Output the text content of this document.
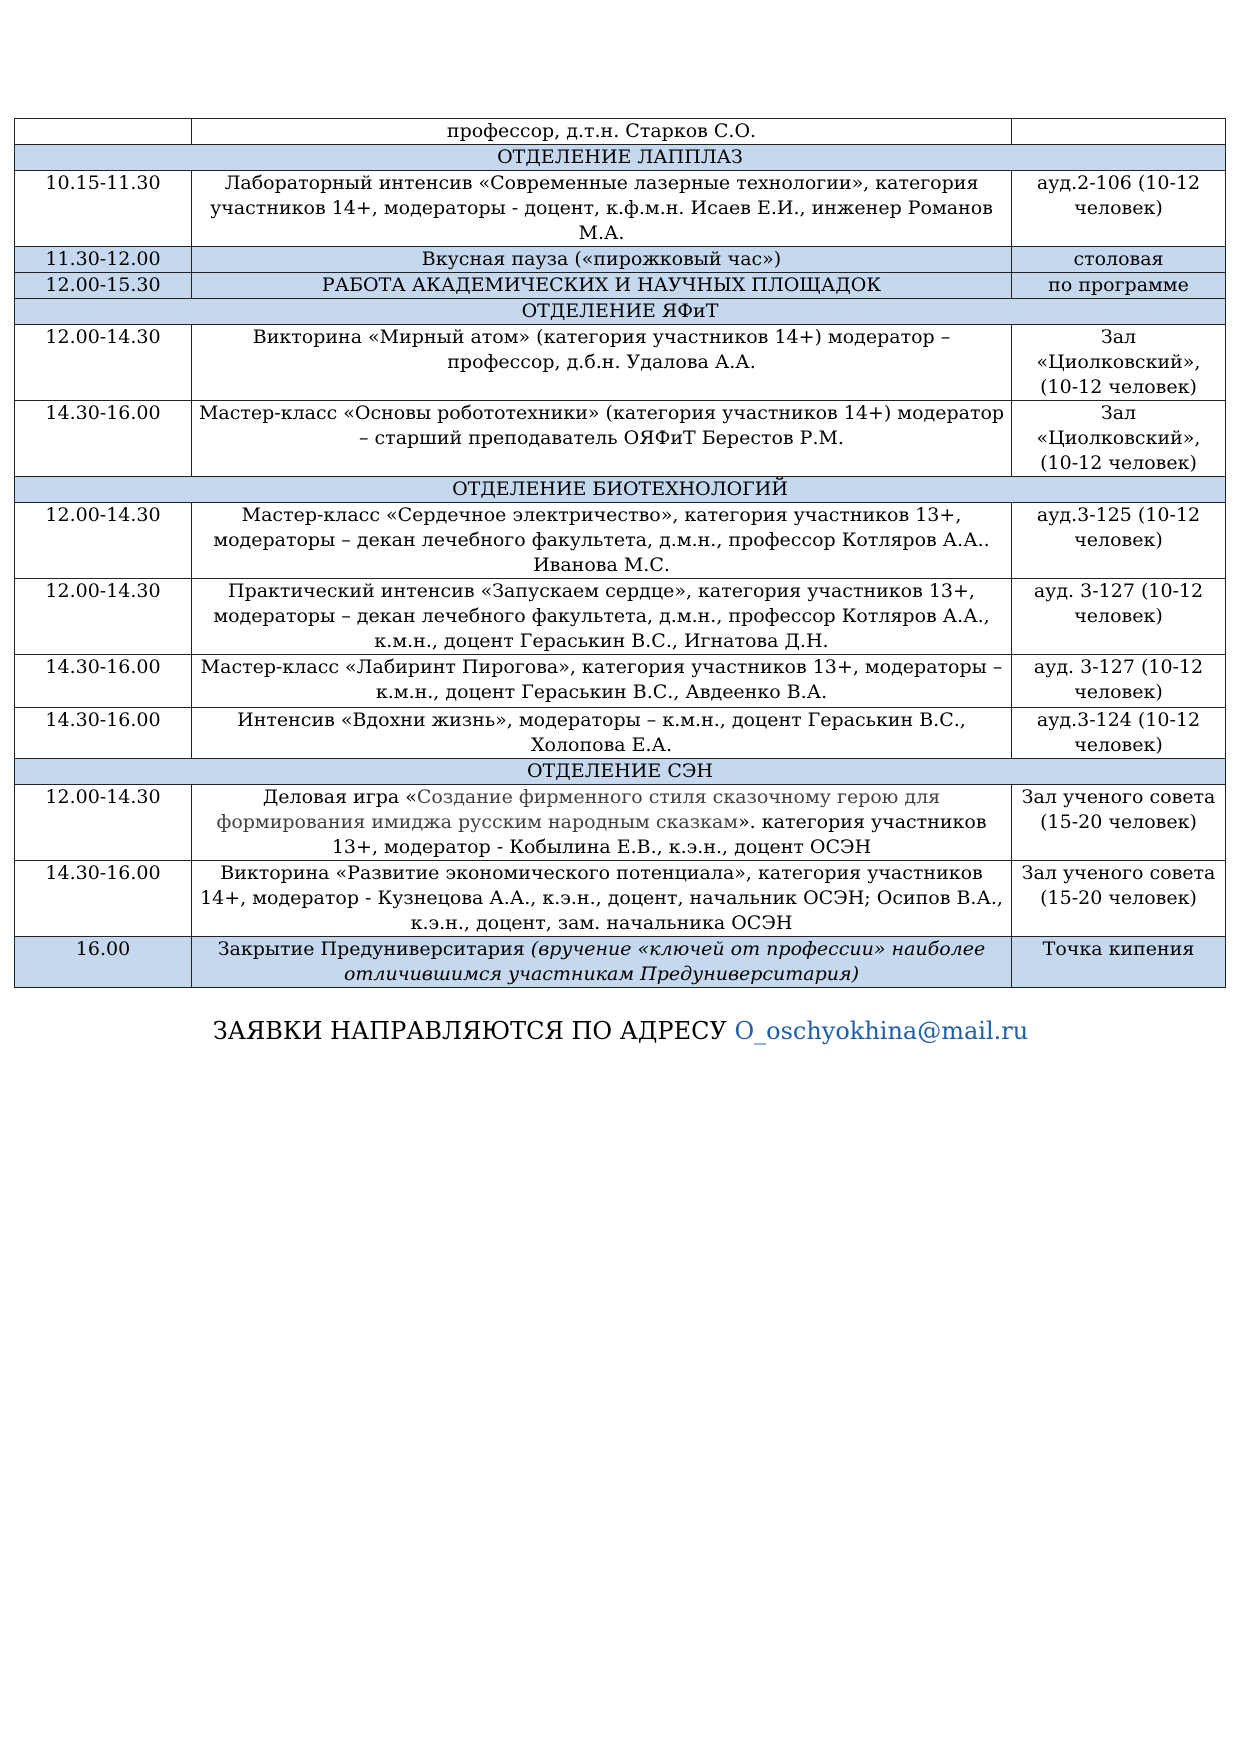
	профессор, д.т.н. Старков С.О.	
ОТДЕЛЕНИЕ ЛАППЛАЗ		
10.15-11.30	Лабораторный интенсив «Современные лазерные технологии», категория участников 14+, модераторы - доцент, к.ф.м.н. Исаев Е.И., инженер Романов М.А.	ауд.2-106 (10-12 человек)
11.30-12.00	Вкусная пауза («пирожковый час»)	столовая
12.00-15.30	РАБОТА АКАДЕМИЧЕСКИХ И НАУЧНЫХ ПЛОЩАДОК	по программе
ОТДЕЛЕНИЕ ЯФиТ		
12.00-14.30	Викторина «Мирный атом» (категория участников 14+) модератор – профессор, д.б.н. Удалова А.А.	Зал «Циолковский», (10-12 человек)
14.30-16.00	Мастер-класс «Основы робототехники» (категория участников 14+) модератор – старший преподаватель ОЯФиТ Берестов Р.М.	Зал «Циолковский», (10-12 человек)
ОТДЕЛЕНИЕ БИОТЕХНОЛОГИЙ		
12.00-14.30	Мастер-класс «Сердечное электричество», категория участников 13+, модераторы – декан лечебного факультета, д.м.н., профессор Котляров А.А.. Иванова М.С.	ауд.3-125 (10-12 человек)
12.00-14.30	Практический интенсив «Запускаем сердце», категория участников 13+, модераторы – декан лечебного факультета, д.м.н., профессор Котляров А.А., к.м.н., доцент Гераськин В.С., Игнатова Д.Н.	ауд. 3-127 (10-12 человек)
14.30-16.00	Мастер-класс «Лабиринт Пирогова», категория участников 13+, модераторы – к.м.н., доцент Гераськин В.С., Авдеенко В.А.	ауд. 3-127 (10-12 человек)
14.30-16.00	Интенсив «Вдохни жизнь», модераторы – к.м.н., доцент Гераськин В.С., Холопова Е.А.	ауд.3-124 (10-12 человек)
ОТДЕЛЕНИЕ СЭН		
12.00-14.30	Деловая игра «Создание фирменного стиля сказочному герою для формирования имиджа русским народным сказкам». категория участников 13+, модератор - Кобылина Е.В., к.э.н., доцент ОСЭН	Зал ученого совета (15-20 человек)
14.30-16.00	Викторина «Развитие экономического потенциала», категория участников 14+, модератор - Кузнецова А.А., к.э.н., доцент, начальник ОСЭН; Осипов В.А., к.э.н., доцент, зам. начальника ОСЭН	Зал ученого совета (15-20 человек)
16.00	Закрытие Предуниверситария (вручение «ключей от профессии» наиболее отличившимся участникам Предуниверситария)	Точка кипения
ЗАЯВКИ НАПРАВЛЯЮТСЯ ПО АДРЕСУ O_oschyokhina@mail.ru
